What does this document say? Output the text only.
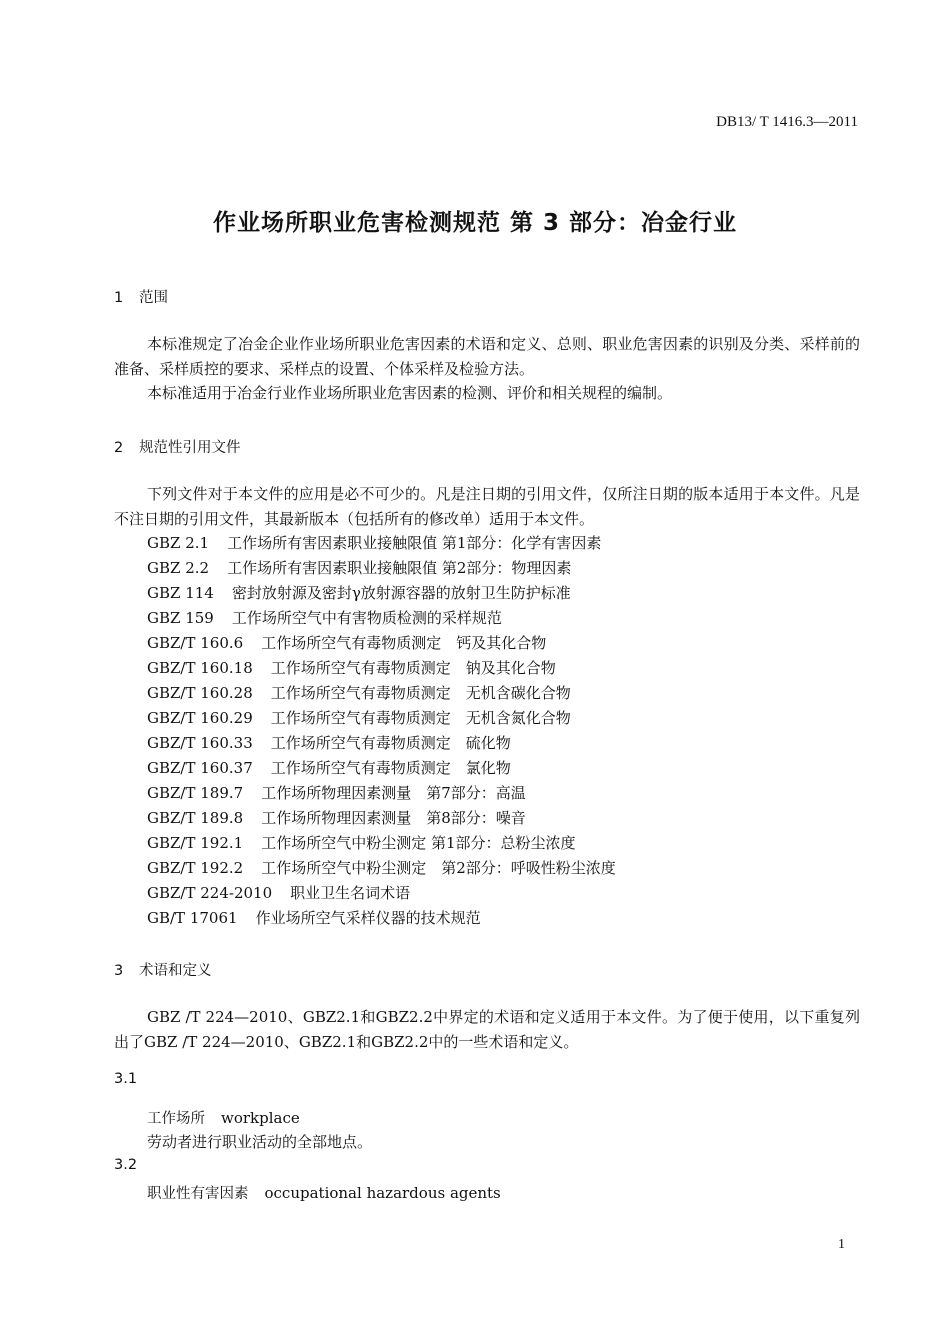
DB13/ T 1416.3—2011
作业场所职业危害检测规范 第 3 部分：冶金行业
1 范围

本标准规定了冶金企业作业场所职业危害因素的术语和定义、总则、职业危害因素的识别及分类、采样前的准备、采样质控的要求、采样点的设置、个体采样及检验方法。

本标准适用于冶金行业作业场所职业危害因素的检测、评价和相关规程的编制。

2 规范性引用文件

下列文件对于本文件的应用是必不可少的。凡是注日期的引用文件，仅所注日期的版本适用于本文件。凡是不注日期的引用文件，其最新版本（包括所有的修改单）适用于本文件。

GBZ 2.1 工作场所有害因素职业接触限值 第1部分：化学有害因素
GBZ 2.2 工作场所有害因素职业接触限值 第2部分：物理因素
GBZ 114 密封放射源及密封γ放射源容器的放射卫生防护标准
GBZ 159 工作场所空气中有害物质检测的采样规范
GBZ/T 160.6 工作场所空气有毒物质测定　钙及其化合物
GBZ/T 160.18 工作场所空气有毒物质测定　钠及其化合物
GBZ/T 160.28 工作场所空气有毒物质测定　无机含碳化合物
GBZ/T 160.29 工作场所空气有毒物质测定　无机含氮化合物
GBZ/T 160.33 工作场所空气有毒物质测定　硫化物
GBZ/T 160.37 工作场所空气有毒物质测定　氯化物
GBZ/T 189.7 工作场所物理因素测量　第7部分：高温
GBZ/T 189.8 工作场所物理因素测量　第8部分：噪音
GBZ/T 192.1 工作场所空气中粉尘测定 第1部分：总粉尘浓度
GBZ/T 192.2 工作场所空气中粉尘测定　第2部分：呼吸性粉尘浓度
GBZ/T 224-2010 职业卫生名词术语
GB/T 17061 作业场所空气采样仪器的技术规范
3 术语和定义

GBZ /T 224—2010、GBZ2.1和GBZ2.2中界定的术语和定义适用于本文件。为了便于使用，以下重复列出了GBZ /T 224—2010、GBZ2.1和GBZ2.2中的一些术语和定义。

3.1
工作场所 workplace
劳动者进行职业活动的全部地点。
3.2
职业性有害因素 occupational hazardous agents
1
